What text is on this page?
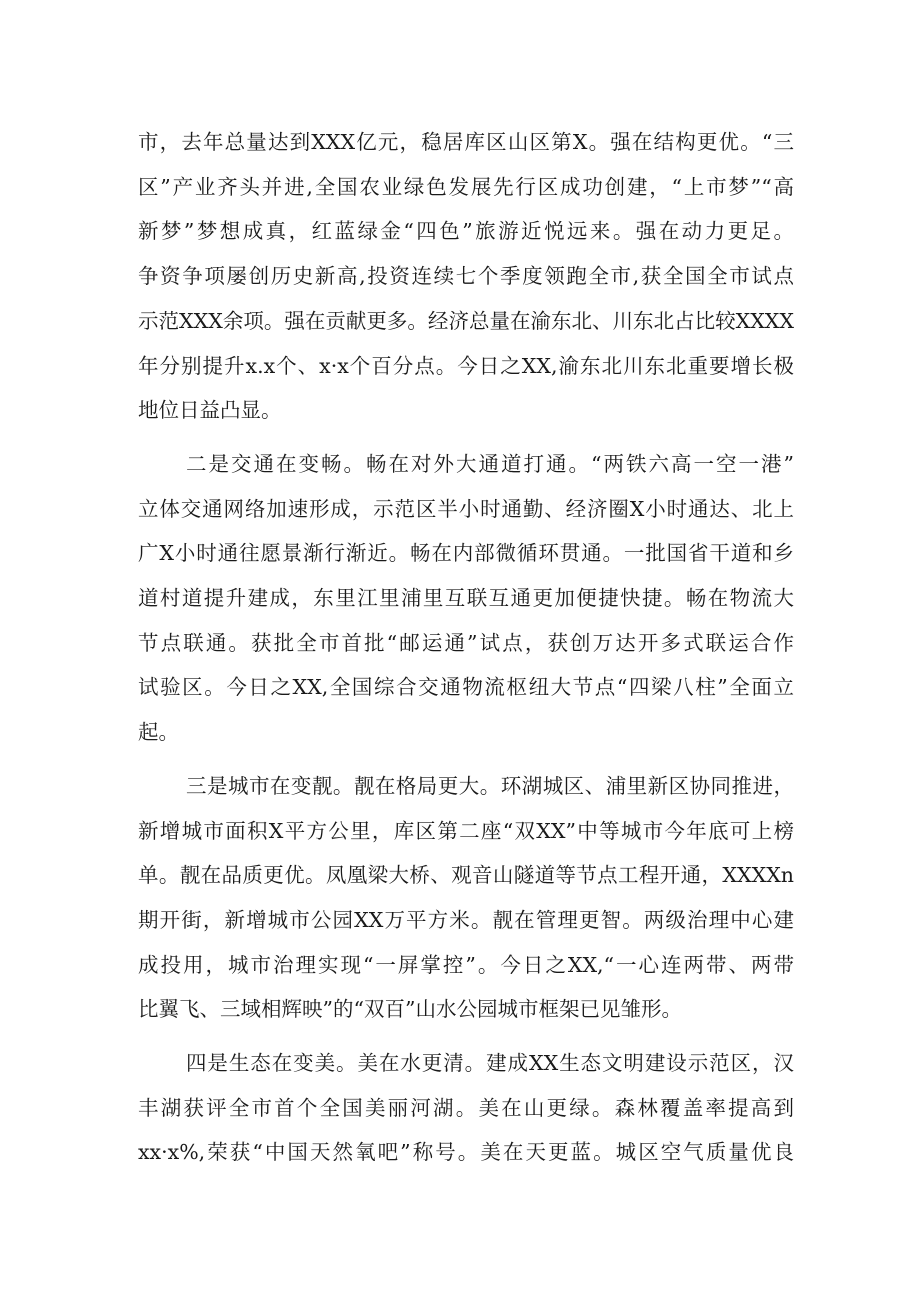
市，去年总量达到XXX亿元，稳居库区山区第X。强在结构更优。“三
区”产业齐头并进,全国农业绿色发展先行区成功创建，“上市梦”“高
新梦”梦想成真，红蓝绿金“四色”旅游近悦远来。强在动力更足。
争资争项屡创历史新高,投资连续七个季度领跑全市,获全国全市试点
示范XXX余项。强在贡献更多。经济总量在渝东北、川东北占比较XXXX
年分别提升x.x个、x·x个百分点。今日之XX,渝东北川东北重要增长极
地位日益凸显。

二是交通在变畅。畅在对外大通道打通。“两铁六高一空一港”
立体交通网络加速形成，示范区半小时通勤、经济圈X小时通达、北上
广X小时通往愿景渐行渐近。畅在内部微循环贯通。一批国省干道和乡
道村道提升建成，东里江里浦里互联互通更加便捷快捷。畅在物流大
节点联通。获批全市首批“邮运通”试点，获创万达开多式联运合作
试验区。今日之XX,全国综合交通物流枢纽大节点“四梁八柱”全面立
起。

三是城市在变靓。靓在格局更大。环湖城区、浦里新区协同推进，
新增城市面积X平方公里，库区第二座“双XX”中等城市今年底可上榜
单。靓在品质更优。凤凰梁大桥、观音山隧道等节点工程开通，XXXXn
期开街，新增城市公园XX万平方米。靓在管理更智。两级治理中心建
成投用，城市治理实现“一屏掌控”。今日之XX,“一心连两带、两带
比翼飞、三域相辉映”的“双百”山水公园城市框架已见雏形。

四是生态在变美。美在水更清。建成XX生态文明建设示范区，汉
丰湖获评全市首个全国美丽河湖。美在山更绿。森林覆盖率提高到
xx·x%,荣获“中国天然氧吧”称号。美在天更蓝。城区空气质量优良
